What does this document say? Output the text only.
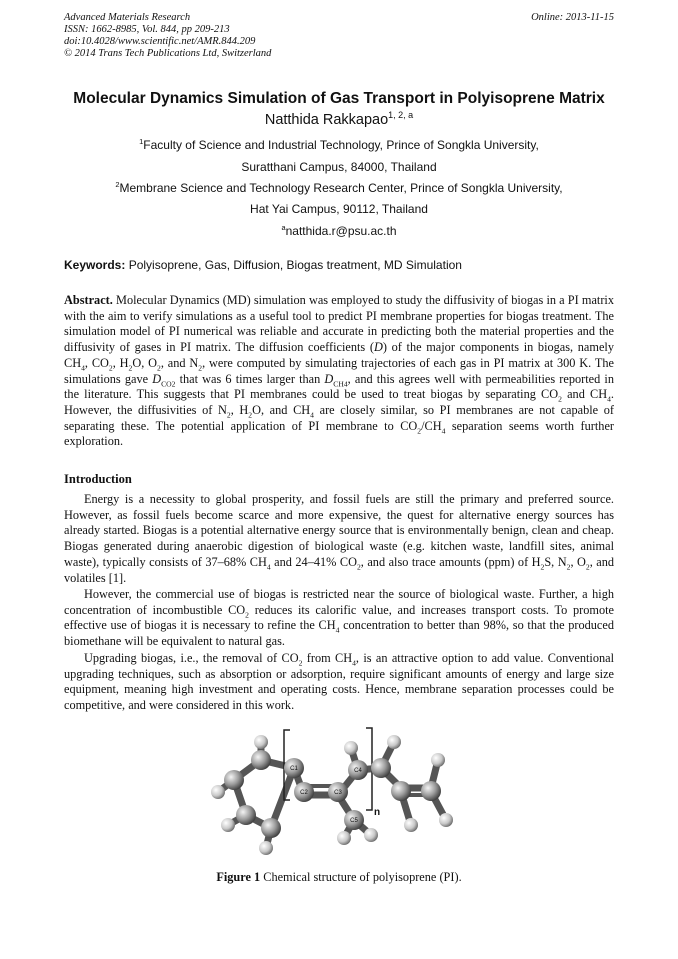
Advanced Materials Research
ISSN: 1662-8985, Vol. 844, pp 209-213
doi:10.4028/www.scientific.net/AMR.844.209
© 2014 Trans Tech Publications Ltd, Switzerland
Online: 2013-11-15
Molecular Dynamics Simulation of Gas Transport in Polyisoprene Matrix
Natthida Rakkapao$^{1, 2, a}$
$^1$Faculty of Science and Industrial Technology, Prince of Songkla University,
Suratthani Campus, 84000, Thailand
$^2$Membrane Science and Technology Research Center, Prince of Songkla University,
Hat Yai Campus, 90112, Thailand
$^a$natthida.r@psu.ac.th
Keywords: Polyisoprene, Gas, Diffusion, Biogas treatment, MD Simulation
Abstract. Molecular Dynamics (MD) simulation was employed to study the diffusivity of biogas in a PI matrix with the aim to verify simulations as a useful tool to predict PI membrane properties for biogas treatment. The simulation model of PI numerical was reliable and accurate in predicting both the material properties and the diffusivity of gases in PI matrix. The diffusion coefficients (D) of the major components in biogas, namely $CH_4$, $CO_2$, $H_2O$, $O_2$, and $N_2$, were computed by simulating trajectories of each gas in PI matrix at 300 K. The simulations gave $D_{CO2}$ that was 6 times larger than $D_{CH4}$, and this agrees well with permeabilities reported in the literature. This suggests that PI membranes could be used to treat biogas by separating $CO_2$ and $CH_4$. However, the diffusivities of $N_2$, $H_2O$, and $CH_4$ are closely similar, so PI membranes are not capable of separating these. The potential application of PI membrane to $CO_2/CH_4$ separation seems worth further exploration.
Introduction
Energy is a necessity to global prosperity, and fossil fuels are still the primary and preferred source. However, as fossil fuels become scarce and more expensive, the quest for alternative energy sources has already started. Biogas is a potential alternative energy source that is environmentally benign, clean and cheap. Biogas generated during anaerobic digestion of biological waste (e.g. kitchen waste, landfill sites, animal waste), typically consists of 37–68% $CH_4$ and 24–41% $CO_2$, and also trace amounts (ppm) of $H_2S$, $N_2$, $O_2$, and volatiles [1].
However, the commercial use of biogas is restricted near the source of biological waste. Further, a high concentration of incombustible $CO_2$ reduces its calorific value, and increases transport costs. To promote effective use of biogas it is necessary to refine the $CH_4$ concentration to better than 98%, so that the produced biomethane will be equivalent to natural gas.
Upgrading biogas, i.e., the removal of $CO_2$ from $CH_4$, is an attractive option to add value. Conventional upgrading techniques, such as absorption or adsorption, require significant amounts of energy and large size equipment, meaning high investment and operating costs. Hence, membrane separation processes could be competitive, and were considered in this work.
n
C1
C2	C3
C4
C5
Figure 1 Chemical structure of polyisoprene (PI).
